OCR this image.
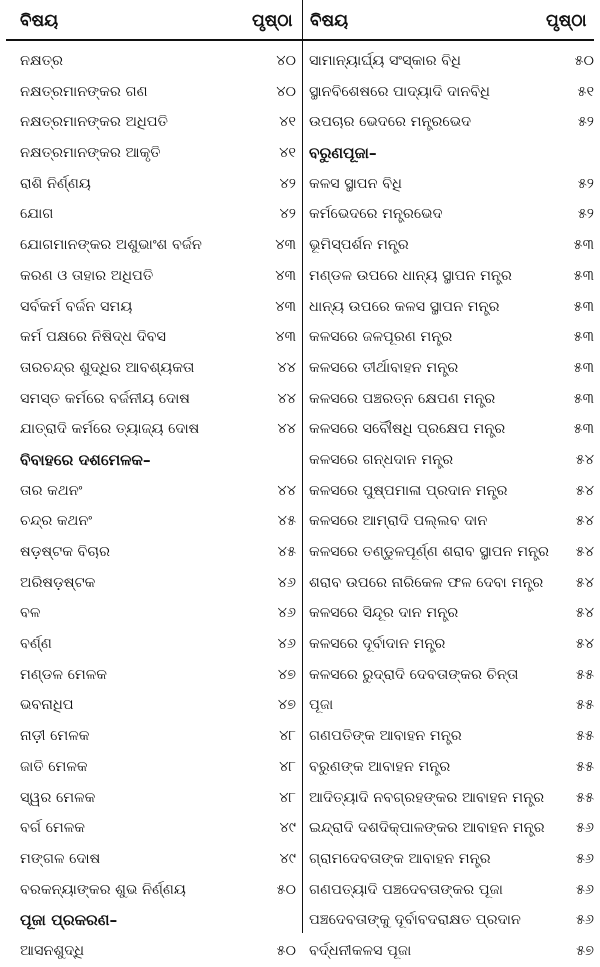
ବିଷୟ	ପୃଷ୍ଠା ବିଷୟ	ପୃଷ୍ଠା
ନକ୍ଷତ୍ର	୪୦
ନକ୍ଷତ୍ରମାନଙ୍କର ଗଣ	୪୦
ନକ୍ଷତ୍ରମାନଙ୍କର ଅଧିପତି	୪୧
ନକ୍ଷତ୍ରମାନଙ୍କର ଆକୃତି	୪୧
ରାଶି ନିର୍ଣ୍ଣୟ	୪୨
ଯୋଗ	୪୨
ଯୋଗମାନଙ୍କର ଅଶୁଭାଂଶ ବର୍ଜନ	୪୩
କରଣ ଓ ତାହାର ଅଧିପତି	୪୩
ସର୍ବକର୍ମ ବର୍ଜନ ସମୟ	୪୩
କର୍ମ ପକ୍ଷରେ ନିଷିଦ୍ଧ ଦିବସ	୪୩
ତାରଚନ୍ଦ୍ର ଶୁଦ୍ଧିର ଆବଶ୍ୟକତା	୪୪
ସମସ୍ତ କର୍ମରେ ବର୍ଜନୀୟ ଦୋଷ	୪୪
ଯାତ୍ରାଦି କର୍ମରେ ତ୍ୟାଜ୍ୟ ଦୋଷ	୪୪
ବିବାହରେ ଦଶମେଳକ–
ତାର କଥନଂ	୪୪
ଚନ୍ଦ୍ର କଥନଂ	୪୫
ଷଡ଼ଷ୍ଟକ ବିଚାର	୪୫
ଅରିଷଡ଼ଷ୍ଟକ	୪୬
ବଳ	୪୬
ବର୍ଣ୍ଣ	୪୬
ମଣ୍ଡଳ ମେଳକ	୪୭
ଭବନାଧିପ	୪୭
ନାଡ଼ୀ ମେଳକ	୪୮
ଜାତି ମେଳକ	୪୮
ସ୍ୱର ମେଳକ	୪୮
ବର୍ଗ ମେଳକ	୪୯
ମଙ୍ଗଳ ଦୋଷ	୪୯
ବରକନ୍ୟାଙ୍କର ଶୁଭ ନିର୍ଣ୍ଣୟ	୫୦
ପୂଜା ପ୍ରକରଣ–
ଆସନଶୁଦ୍ଧି	୫୦
ସାମାନ୍ୟାର୍ଘ୍ୟ ସଂସ୍କାର ବିଧି	୫୦
ସ୍ଥାନବିଶେଷରେ ପାଦ୍ୟାଦି ଦାନବିଧି	୫୧
ଉପଚାର ଭେଦରେ ମନ୍ତ୍ରଭେଦ	୫୨
ବରୁଣପୂଜା–
କଳସ ସ୍ଥାପନ ବିଧି	୫୨
କର୍ମଭେଦରେ ମନ୍ତ୍ରଭେଦ	୫୨
ଭୂମିସ୍ପର୍ଶନ ମନ୍ତ୍ର	୫୩
ମଣ୍ଡଳ ଉପରେ ଧାନ୍ୟ ସ୍ଥାପନ ମନ୍ତ୍ର	୫୩
ଧାନ୍ୟ ଉପରେ କଳସ ସ୍ଥାପନ ମନ୍ତ୍ର	୫୩
କଳସରେ ଜଳପୂରଣ ମନ୍ତ୍ର	୫୩
କଳସରେ ତୀର୍ଥାବାହନ ମନ୍ତ୍ର	୫୩
କଳସରେ ପଞ୍ଚରତ୍ନ କ୍ଷେପଣ ମନ୍ତ୍ର	୫୩
କଳସରେ ସର୍ବୌଷଧି ପ୍ରକ୍ଷେପ ମନ୍ତ୍ର	୫୩
କଳସରେ ଗନ୍ଧଦାନ ମନ୍ତ୍ର	୫୪
କଳସରେ ପୁଷ୍ପମାଳା ପ୍ରଦାନ ମନ୍ତ୍ର	୫୪
କଳସରେ ଆମ୍ରାଦି ପଲ୍ଲବ ଦାନ	୫୪
କଳସରେ ତଣ୍ଡୁଳପୂର୍ଣ୍ଣ ଶରାବ ସ୍ଥାପନ ମନ୍ତ୍ର	୫୪
ଶରାବ ଉପରେ ନାରିକେଳ ଫଳ ଦେବା ମନ୍ତ୍ର	୫୪
କଳସରେ ସିନ୍ଦୂର ଦାନ ମନ୍ତ୍ର	୫୪
କଳସରେ ଦୂର୍ବାଦାନ ମନ୍ତ୍ର	୫୪
କଳସରେ ରୁଦ୍ରାଦି ଦେବତାଙ୍କର ଚିନ୍ତା	୫୫
ପୂଜା	୫୫
ଗଣପତିଙ୍କ ଆବାହନ ମନ୍ତ୍ର	୫୫
ବରୁଣଙ୍କ ଆବାହନ ମନ୍ତ୍ର	୫୫
ଆଦିତ୍ୟାଦି ନବଗ୍ରହଙ୍କର ଆବାହନ ମନ୍ତ୍ର	୫୫
ଇନ୍ଦ୍ରାଦି ଦଶଦିକ୍‌ପାଳଙ୍କର ଆବାହନ ମନ୍ତ୍ର	୫୬
ଗ୍ରାମଦେବତାଙ୍କ ଆବାହନ ମନ୍ତ୍ର	୫୬
ଗଣପତ୍ୟାଦି ପଞ୍ଚଦେବତାଙ୍କର ପୂଜା	୫୬
ପଞ୍ଚଦେବତାଙ୍କୁ ଦୂର୍ବାବଦରାକ୍ଷତ ପ୍ରଦାନ	୫୬
ବର୍ଦ୍ଧନୀକଳସ ପୂଜା	୫୭
